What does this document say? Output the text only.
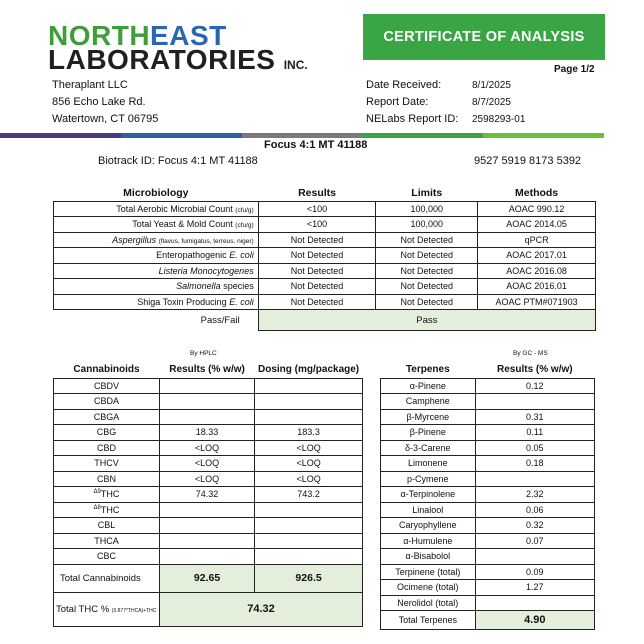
NORTHEAST
LABORATORIES INC.
CERTIFICATE OF ANALYSIS
Page 1/2
Theraplant LLC
856 Echo Lake Rd.
Watertown, CT 06795
Date Received:	8/1/2025
Report Date:	8/7/2025
NELabs Report ID: 2598293-01
Focus 4:1 MT 41188
Biotrack ID: Focus 4:1 MT 41188	9527 5919 8173 5392
Microbiology	Results	Limits	Methods
Total Aerobic Microbial Count (cfu/g)	<100	100,000	AOAC 990.12
Total Yeast & Mold Count (cfu/g)	<100	100,000	AOAC 2014.05
Aspergillus (flavus, fumigatus, terreus, niger)	Not Detected	Not Detected	qPCR
Enteropathogenic E. coli	Not Detected	Not Detected	AOAC 2017.01
Listeria Monocytogenes	Not Detected	Not Detected	AOAC 2016.08
Salmonella species	Not Detected	Not Detected	AOAC 2016.01
Shiga Toxin Producing E. coli	Not Detected	Not Detected	AOAC PTM#071903
Pass/Fail	Pass		
By HPLC	By GC - MS
Cannabinoids	Results (% w/w)	Dosing (mg/package)
CBDV		
CBDA		
CBGA		
CBG	18.33	183.3
CBD	<LOQ	<LOQ
THCV	<LOQ	<LOQ
CBN	<LOQ	<LOQ
$^{\Delta 9}$THC	74.32	743.2
$^{\Delta 8}$THC		
CBL		
THCA		
CBC		
Total Cannabinoids	92.65	926.5
Total THC % (0.877*THCA)+THC	74.32	
Terpenes	Results (% w/w)
α-Pinene	0.12
Camphene	
β-Myrcene	0.31
β-Pinene	0.11
δ-3-Carene	0.05
Limonene	0.18
p-Cymene	
α-Terpinolene	2.32
Linalool	0.06
Caryophyllene	0.32
α-Humulene	0.07
α-Bisabolol	
Terpinene (total)	0.09
Ocimene (total)	1.27
Nerolidol (total)	
Total Terpenes	4.90
